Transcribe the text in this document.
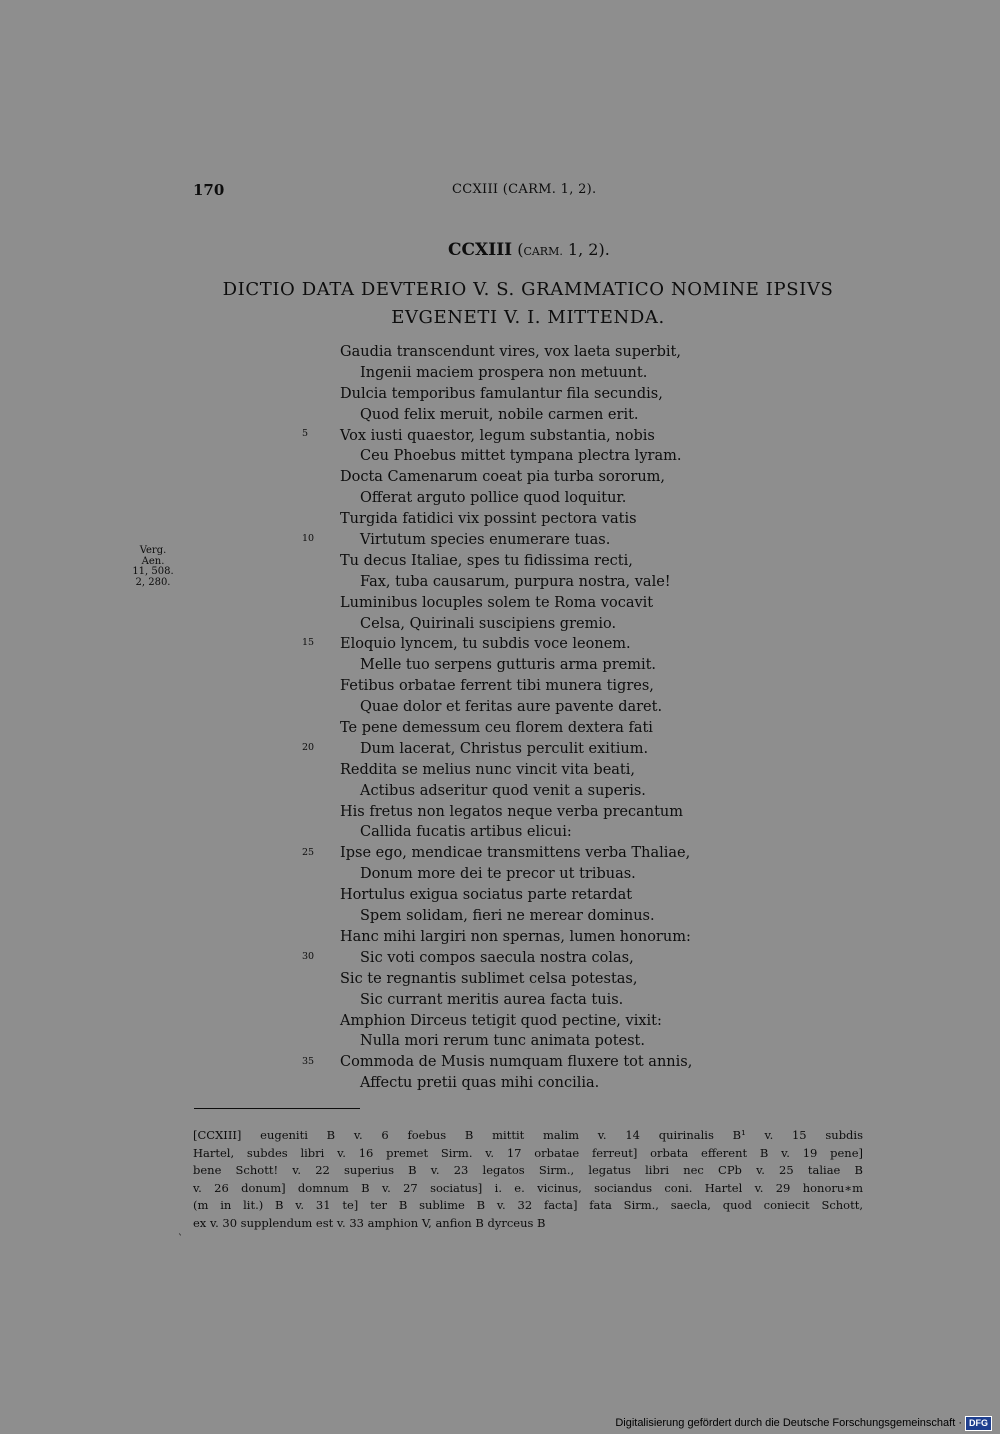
170	CCXIII (CARM. 1, 2).
CCXIII (CARM. 1, 2).
DICTIO DATA DEVTERIO V. S. GRAMMATICO NOMINE IPSIVS
EVGENETI V. I. MITTENDA.
Verg. Aen.
11, 508.
2, 280.
5
10
15
20
25
30
35
Gaudia transcendunt vires, vox laeta superbit,
Ingenii maciem prospera non metuunt.
Dulcia temporibus famulantur fila secundis,
Quod felix meruit, nobile carmen erit.
Vox iusti quaestor, legum substantia, nobis
Ceu Phoebus mittet tympana plectra lyram.
Docta Camenarum coeat pia turba sororum,
Offerat arguto pollice quod loquitur.
Turgida fatidici vix possint pectora vatis
Virtutum species enumerare tuas.
Tu decus Italiae, spes tu fidissima recti,
Fax, tuba causarum, purpura nostra, vale!
Luminibus locuples solem te Roma vocavit
Celsa, Quirinali suscipiens gremio.
Eloquio lyncem, tu subdis voce leonem.
Melle tuo serpens gutturis arma premit.
Fetibus orbatae ferrent tibi munera tigres,
Quae dolor et feritas aure pavente daret.
Te pene demessum ceu florem dextera fati
Dum lacerat, Christus perculit exitium.
Reddita se melius nunc vincit vita beati,
Actibus adseritur quod venit a superis.
His fretus non legatos neque verba precantum
Callida fucatis artibus elicui:
Ipse ego, mendicae transmittens verba Thaliae,
Donum more dei te precor ut tribuas.
Hortulus exigua sociatus parte retardat
Spem solidam, fieri ne merear dominus.
Hanc mihi largiri non spernas, lumen honorum:
Sic voti compos saecula nostra colas,
Sic te regnantis sublimet celsa potestas,
Sic currant meritis aurea facta tuis.
Amphion Dirceus tetigit quod pectine, vixit:
Nulla mori rerum tunc animata potest.
Commoda de Musis numquam fluxere tot annis,
Affectu pretii quas mihi concilia.
[CCXIII] eugeniti B v. 6 foebus B mittit malim v. 14 quirinalis B¹ v. 15 subdis
Hartel, subdes libri v. 16 premet Sirm. v. 17 orbatae ferreut] orbata efferent B v. 19 pene]
bene Schott! v. 22 superius B v. 23 legatos Sirm., legatus libri nec CPb v. 25 taliae B
v. 26 donum] domnum B v. 27 sociatus] i. e. vicinus, sociandus coni. Hartel v. 29 honoru∗m
(m in lit.) B v. 31 te] ter B sublime B v. 32 facta] fata Sirm., saecla, quod coniecit Schott,
ex v. 30 supplendum est v. 33 amphion V, anfion B dyrceus B
`
Digitalisierung gefördert durch die Deutsche Forschungsgemeinschaft · DFG
